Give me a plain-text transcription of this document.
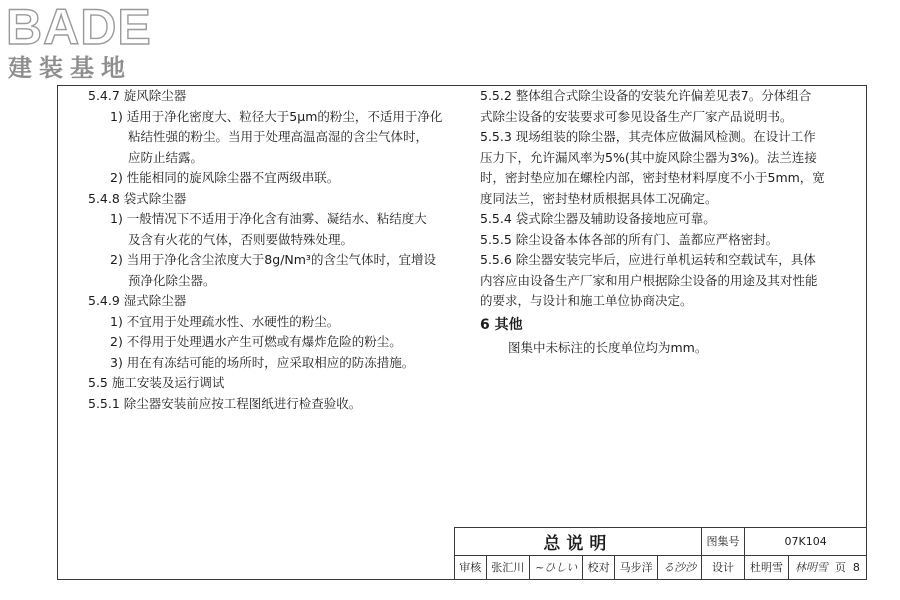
BADE
建装基地
5.4.7 旋风除尘器
1) 适用于净化密度大、粒径大于5μm的粉尘，不适用于净化
粘结性强的粉尘。当用于处理高温高湿的含尘气体时，
应防止结露。
2) 性能相同的旋风除尘器不宜两级串联。
5.4.8 袋式除尘器
1) 一般情况下不适用于净化含有油雾、凝结水、粘结度大
及含有火花的气体，否则要做特殊处理。
2) 当用于净化含尘浓度大于8g/Nm³的含尘气体时，宜增设
预净化除尘器。
5.4.9 湿式除尘器
1) 不宜用于处理疏水性、水硬性的粉尘。
2) 不得用于处理遇水产生可燃或有爆炸危险的粉尘。
3) 用在有冻结可能的场所时，应采取相应的防冻措施。
5.5 施工安装及运行调试
5.5.1 除尘器安装前应按工程图纸进行检查验收。
5.5.2 整体组合式除尘设备的安装允许偏差见表7。分体组合
式除尘设备的安装要求可参见设备生产厂家产品说明书。
5.5.3 现场组装的除尘器，其壳体应做漏风检测。在设计工作
压力下，允许漏风率为5%(其中旋风除尘器为3%)。法兰连接
时，密封垫应加在螺栓内部，密封垫材料厚度不小于5mm，宽
度同法兰，密封垫材质根据具体工况确定。
5.5.4 袋式除尘器及辅助设备接地应可靠。
5.5.5 除尘设备本体各部的所有门、盖都应严格密封。
5.5.6 除尘器安装完毕后，应进行单机运转和空载试车，具体
内容应由设备生产厂家和用户根据除尘设备的用途及其对性能
的要求，与设计和施工单位协商决定。
6 其他
图集中未标注的长度单位均为mm。
总说明						图集号	07K104	
审核	张汇川	~ひしい	校对	马步洋	る沙沙	设计	杜明雪	林明雪 页 8
